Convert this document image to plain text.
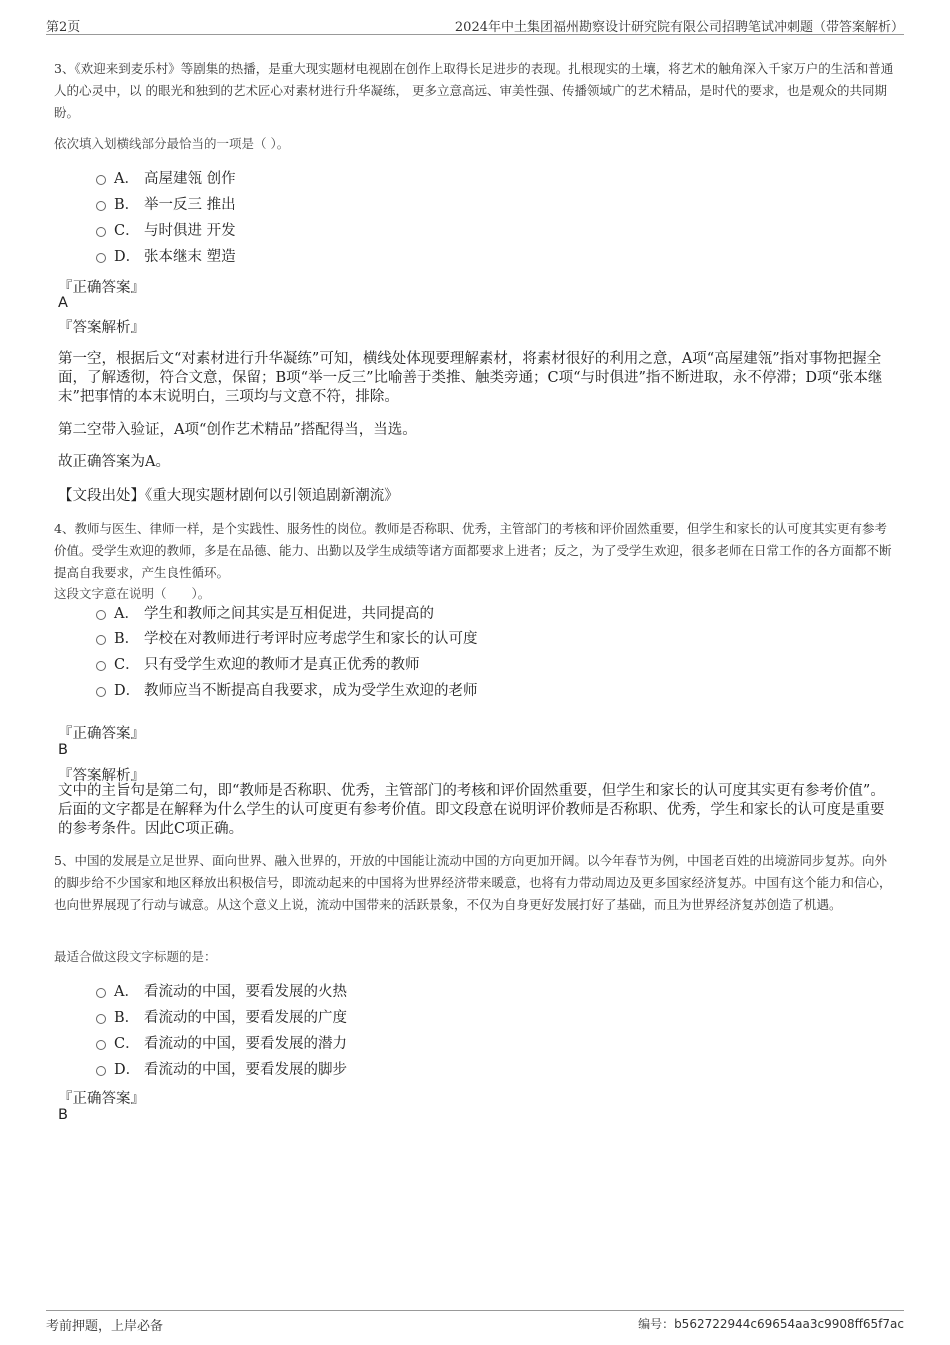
第2页	2024年中土集团福州勘察设计研究院有限公司招聘笔试冲刺题（带答案解析）
3、《欢迎来到麦乐村》等剧集的热播，是重大现实题材电视剧在创作上取得长足进步的表现。扎根现实的土壤，将艺术的触角深入千家万户的生活和普通人的心灵中，以 的眼光和独到的艺术匠心对素材进行升华凝练， 更多立意高远、审美性强、传播领域广的艺术精品，是时代的要求，也是观众的共同期盼。
依次填入划横线部分最恰当的一项是（ ）。
A． 高屋建瓴 创作
B． 举一反三 推出
C． 与时俱进 开发
D． 张本继末 塑造
『正确答案』
A
『答案解析』
第一空，根据后文“对素材进行升华凝练”可知，横线处体现要理解素材，将素材很好的利用之意，A项“高屋建瓴”指对事物把握全面，了解透彻，符合文意，保留；B项“举一反三”比喻善于类推、触类旁通；C项“与时俱进”指不断进取，永不停滞；D项“张本继末”把事情的本末说明白，三项均与文意不符，排除。
第二空带入验证，A项“创作艺术精品”搭配得当，当选。
故正确答案为A。
【文段出处】《重大现实题材剧何以引领追剧新潮流》
4、教师与医生、律师一样，是个实践性、服务性的岗位。教师是否称职、优秀，主管部门的考核和评价固然重要，但学生和家长的认可度其实更有参考价值。受学生欢迎的教师，多是在品德、能力、出勤以及学生成绩等诸方面都要求上进者；反之，为了受学生欢迎，很多老师在日常工作的各方面都不断提高自我要求，产生良性循环。
这段文字意在说明（　　）。
A． 学生和教师之间其实是互相促进，共同提高的
B． 学校在对教师进行考评时应考虑学生和家长的认可度
C． 只有受学生欢迎的教师才是真正优秀的教师
D． 教师应当不断提高自我要求，成为受学生欢迎的老师
『正确答案』
B
『答案解析』
文中的主旨句是第二句，即“教师是否称职、优秀，主管部门的考核和评价固然重要，但学生和家长的认可度其实更有参考价值”。后面的文字都是在解释为什么学生的认可度更有参考价值。即文段意在说明评价教师是否称职、优秀，学生和家长的认可度是重要的参考条件。因此C项正确。
5、中国的发展是立足世界、面向世界、融入世界的，开放的中国能让流动中国的方向更加开阔。以今年春节为例，中国老百姓的出境游同步复苏。向外的脚步给不少国家和地区释放出积极信号，即流动起来的中国将为世界经济带来暖意，也将有力带动周边及更多国家经济复苏。中国有这个能力和信心，也向世界展现了行动与诚意。从这个意义上说，流动中国带来的活跃景象，不仅为自身更好发展打好了基础，而且为世界经济复苏创造了机遇。
最适合做这段文字标题的是：
A． 看流动的中国，要看发展的火热
B． 看流动的中国，要看发展的广度
C． 看流动的中国，要看发展的潜力
D． 看流动的中国，要看发展的脚步
『正确答案』
B
考前押题，上岸必备	编号：b562722944c69654aa3c9908ff65f7ac
